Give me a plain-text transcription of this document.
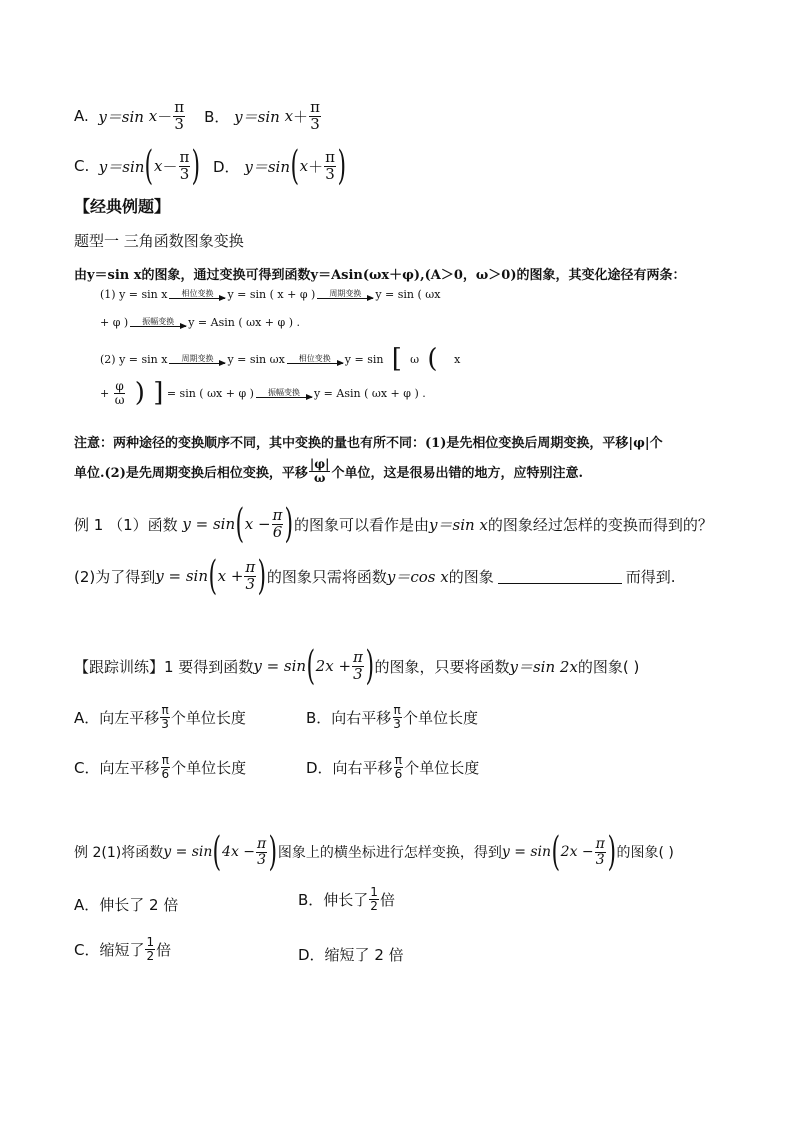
A.
y＝sin
$x - \frac{\pi}{3}$ B．
y＝sin
$x + \frac{\pi}{3}$
C.
y＝sin ( $x - \frac{\pi}{3}$ ) D．
y＝sin ( $x + \frac{\pi}{3}$ )
【经典例题】
题型一 三角函数图象变换
由y＝sin x的图象，通过变换可得到函数y＝Asin(ωx＋φ),(A＞0，ω＞0)的图象，其变化途径有两条：
(1) y = sin x 相位变换 y = sin ( x + φ ) 周期变换 y = sin ( ωx
+ φ ) 振幅变换 y = Asin ( ωx + φ ) .
(2) y = sin x 周期变换 y = sin ωx 相位变换 y = sin [ ω ( x
+
$\frac{\varphi}{\omega}$ ) ]
= sin ( ωx + φ ) 振幅变换 y = Asin ( ωx + φ ) .
注意：两种途径的变换顺序不同，其中变换的量也有所不同：(1)是先相位变换后周期变换，平移|φ|个
单位.(2)是先周期变换后相位变换，平移 $\frac{|\varphi|}{\omega}$ 个单位，这是很易出错的地方，应特别注意.
例 1 （1）函数
y = sin ( $x - \frac{\pi}{6}$ ) 的图象可以看作是由 y＝sin x 的图象经过怎样的变换而得到的？
(2)为了得到 y = sin ( $x + \frac{\pi}{3}$ ) 的图象只需将函数 y＝cos x 的图象	而得到.
【跟踪训练】1 要得到函数 y = sin ( $2x + \frac{\pi}{3}$ ) 的图象，只要将函数 y＝sin 2x 的图象( )
A．向左平移 $\frac{\pi}{3}$ 个单位长度	B．向右平移 $\frac{\pi}{3}$ 个单位长度
C．向左平移 $\frac{\pi}{6}$ 个单位长度	D．向右平移 $\frac{\pi}{6}$ 个单位长度
例 2(1)将函数 y = sin ( $4x - \frac{\pi}{3}$ ) 图象上的横坐标进行怎样变换，得到 y = sin ( $2x - \frac{\pi}{3}$ ) 的图象( )
A．伸长了 2 倍	B．伸长了 $\frac{1}{2}$ 倍
C．缩短了 $\frac{1}{2}$ 倍	D．缩短了 2 倍
